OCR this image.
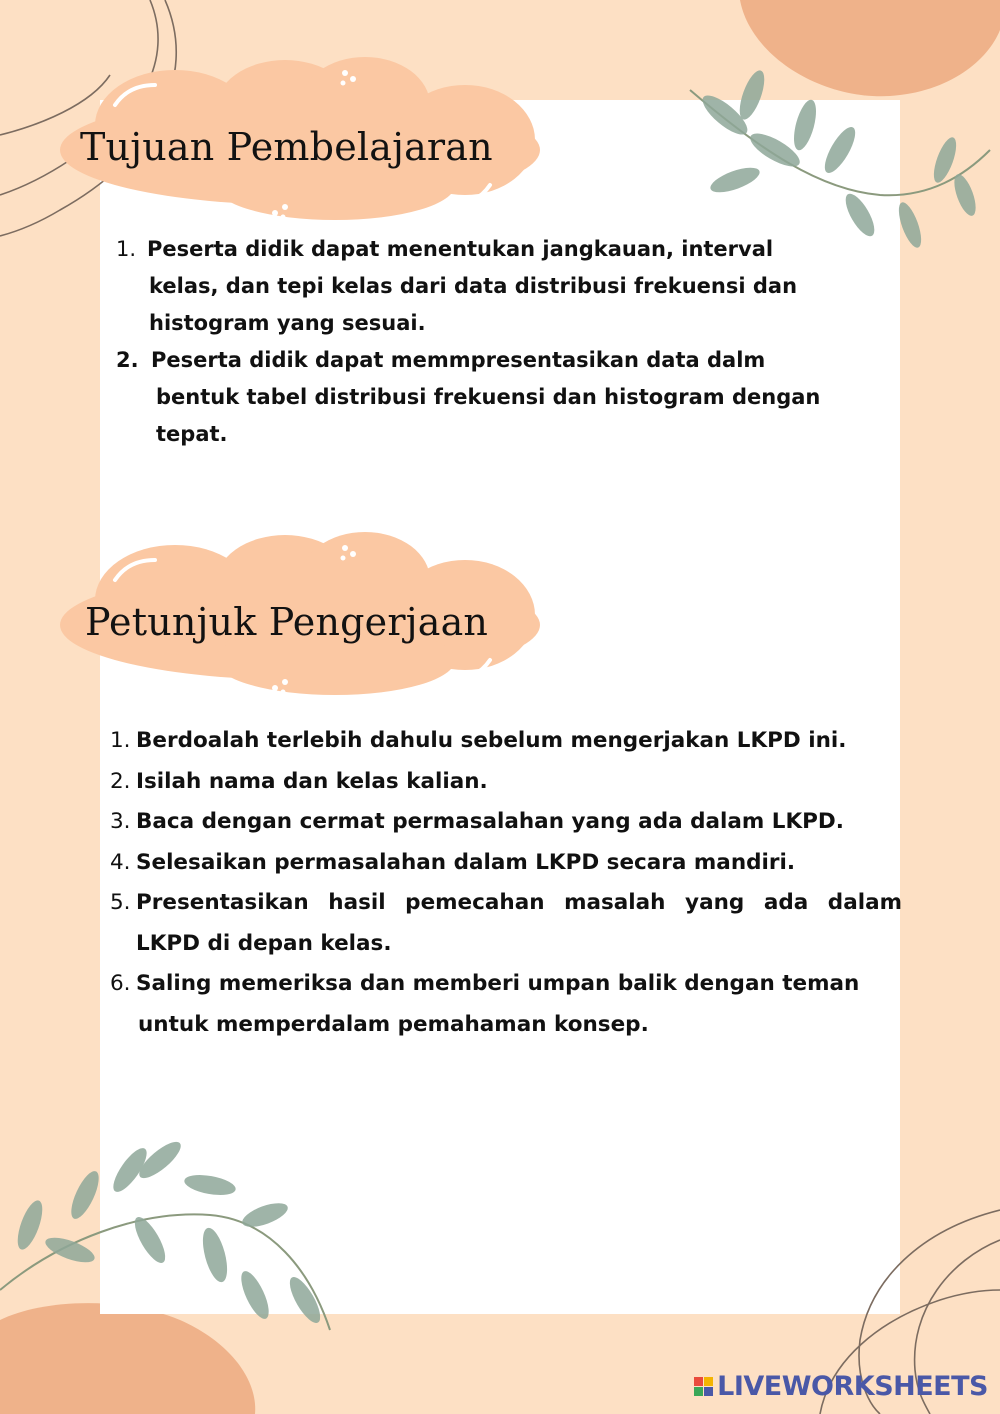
Tujuan Pembelajaran
1. Peserta didik dapat menentukan jangkauan, interval
kelas, dan tepi kelas dari data distribusi frekuensi dan
histogram yang sesuai.
2. Peserta didik dapat memmpresentasikan data dalm
bentuk tabel distribusi frekuensi dan histogram dengan
tepat.
Petunjuk Pengerjaan
1. Berdoalah terlebih dahulu sebelum mengerjakan LKPD ini.
2. Isilah nama dan kelas kalian.
3. Baca dengan cermat permasalahan yang ada dalam LKPD.
4. Selesaikan permasalahan dalam LKPD secara mandiri.
5. Presentasikan hasil pemecahan masalah yang ada dalam
LKPD di depan kelas.
6. Saling memeriksa dan memberi umpan balik dengan teman
untuk memperdalam pemahaman konsep.
LIVEWORKSHEETS
